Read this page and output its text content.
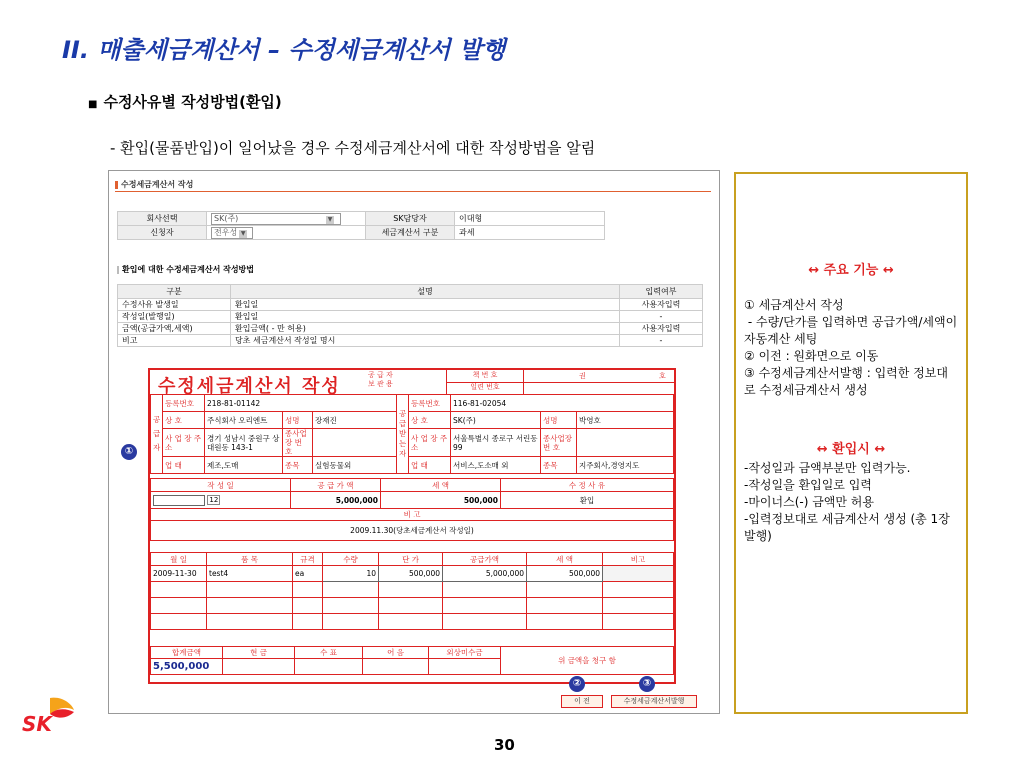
II. 매출세금계산서 – 수정세금계산서 발행
■ 수정사유별 작성방법(환입)
- 환입(물품반입)이 일어났을 경우 수정세금계산서에 대한 작성방법을 알림
수정세금계산서 작성
회사선택	SK(주) ▼	SK담당자	이대형
신청자	전우성 ▼	세금계산서 구분	과세
환입에 대한 수정세금계산서 작성방법
구분	설명	입력여부
수정사유 발생일	환입일	사용자입력
작성일(발행일)	환입일	-
금액(공급가액,세액)	환입금액( - 만 허용)	사용자입력
비고	당초 세금계산서 작성일 명시	-
①
수정세금계산서 작성
공 급 자
보 관 용
책 번 호
일련 번호
권	호
공급자	등록번호	218-81-01142			공급받는자	등록번호	116-81-02054		
	상 호	주식회사 오리엔트	성명	장재진		상 호	SK(주)	성명	박영호
	사 업 장 주 소	경기 성남시 중원구 상대원동 143-1	종사업장 번 호			사 업 장 주 소	서울특별시 종로구 서린동 99	종사업장 번 호	
	업 태	제조,도매	종목	실험동물외		업 태	서비스,도소매 외	종목	지주회사,경영지도
작 성 일	공 급 가 액	세 액	수 정 사 유
12	5,000,000	500,000	환입
비 고			
2009.11.30(당초세금계산서 작성일)			
월 일	품 목	규격	수량	단 가	공급가액	세 액	비고
2009-11-30	test4	ea	10	500,000	5,000,000	500,000	

합계금액	현 금	수 표	어 음	외상미수금	위 금액을 청구 함
5,500,000					
②	③
이 전	수정세금계산서발행
↔ 주요 기능 ↔
① 세금계산서 작성
- 수량/단가를 입력하면 공급가액/세액이 자동계산 세팅
② 이전 : 원화면으로 이동
③ 수정세금계산서발행 : 입력한 정보대로 수정세금계산서 생성
↔ 환입시 ↔
-작성일과 금액부분만 입력가능.
-작성일을 환입일로 입력
-마이너스(-) 금액만 허용
-입력정보대로 세금계산서 생성 (총 1장 발행)
SK
30
